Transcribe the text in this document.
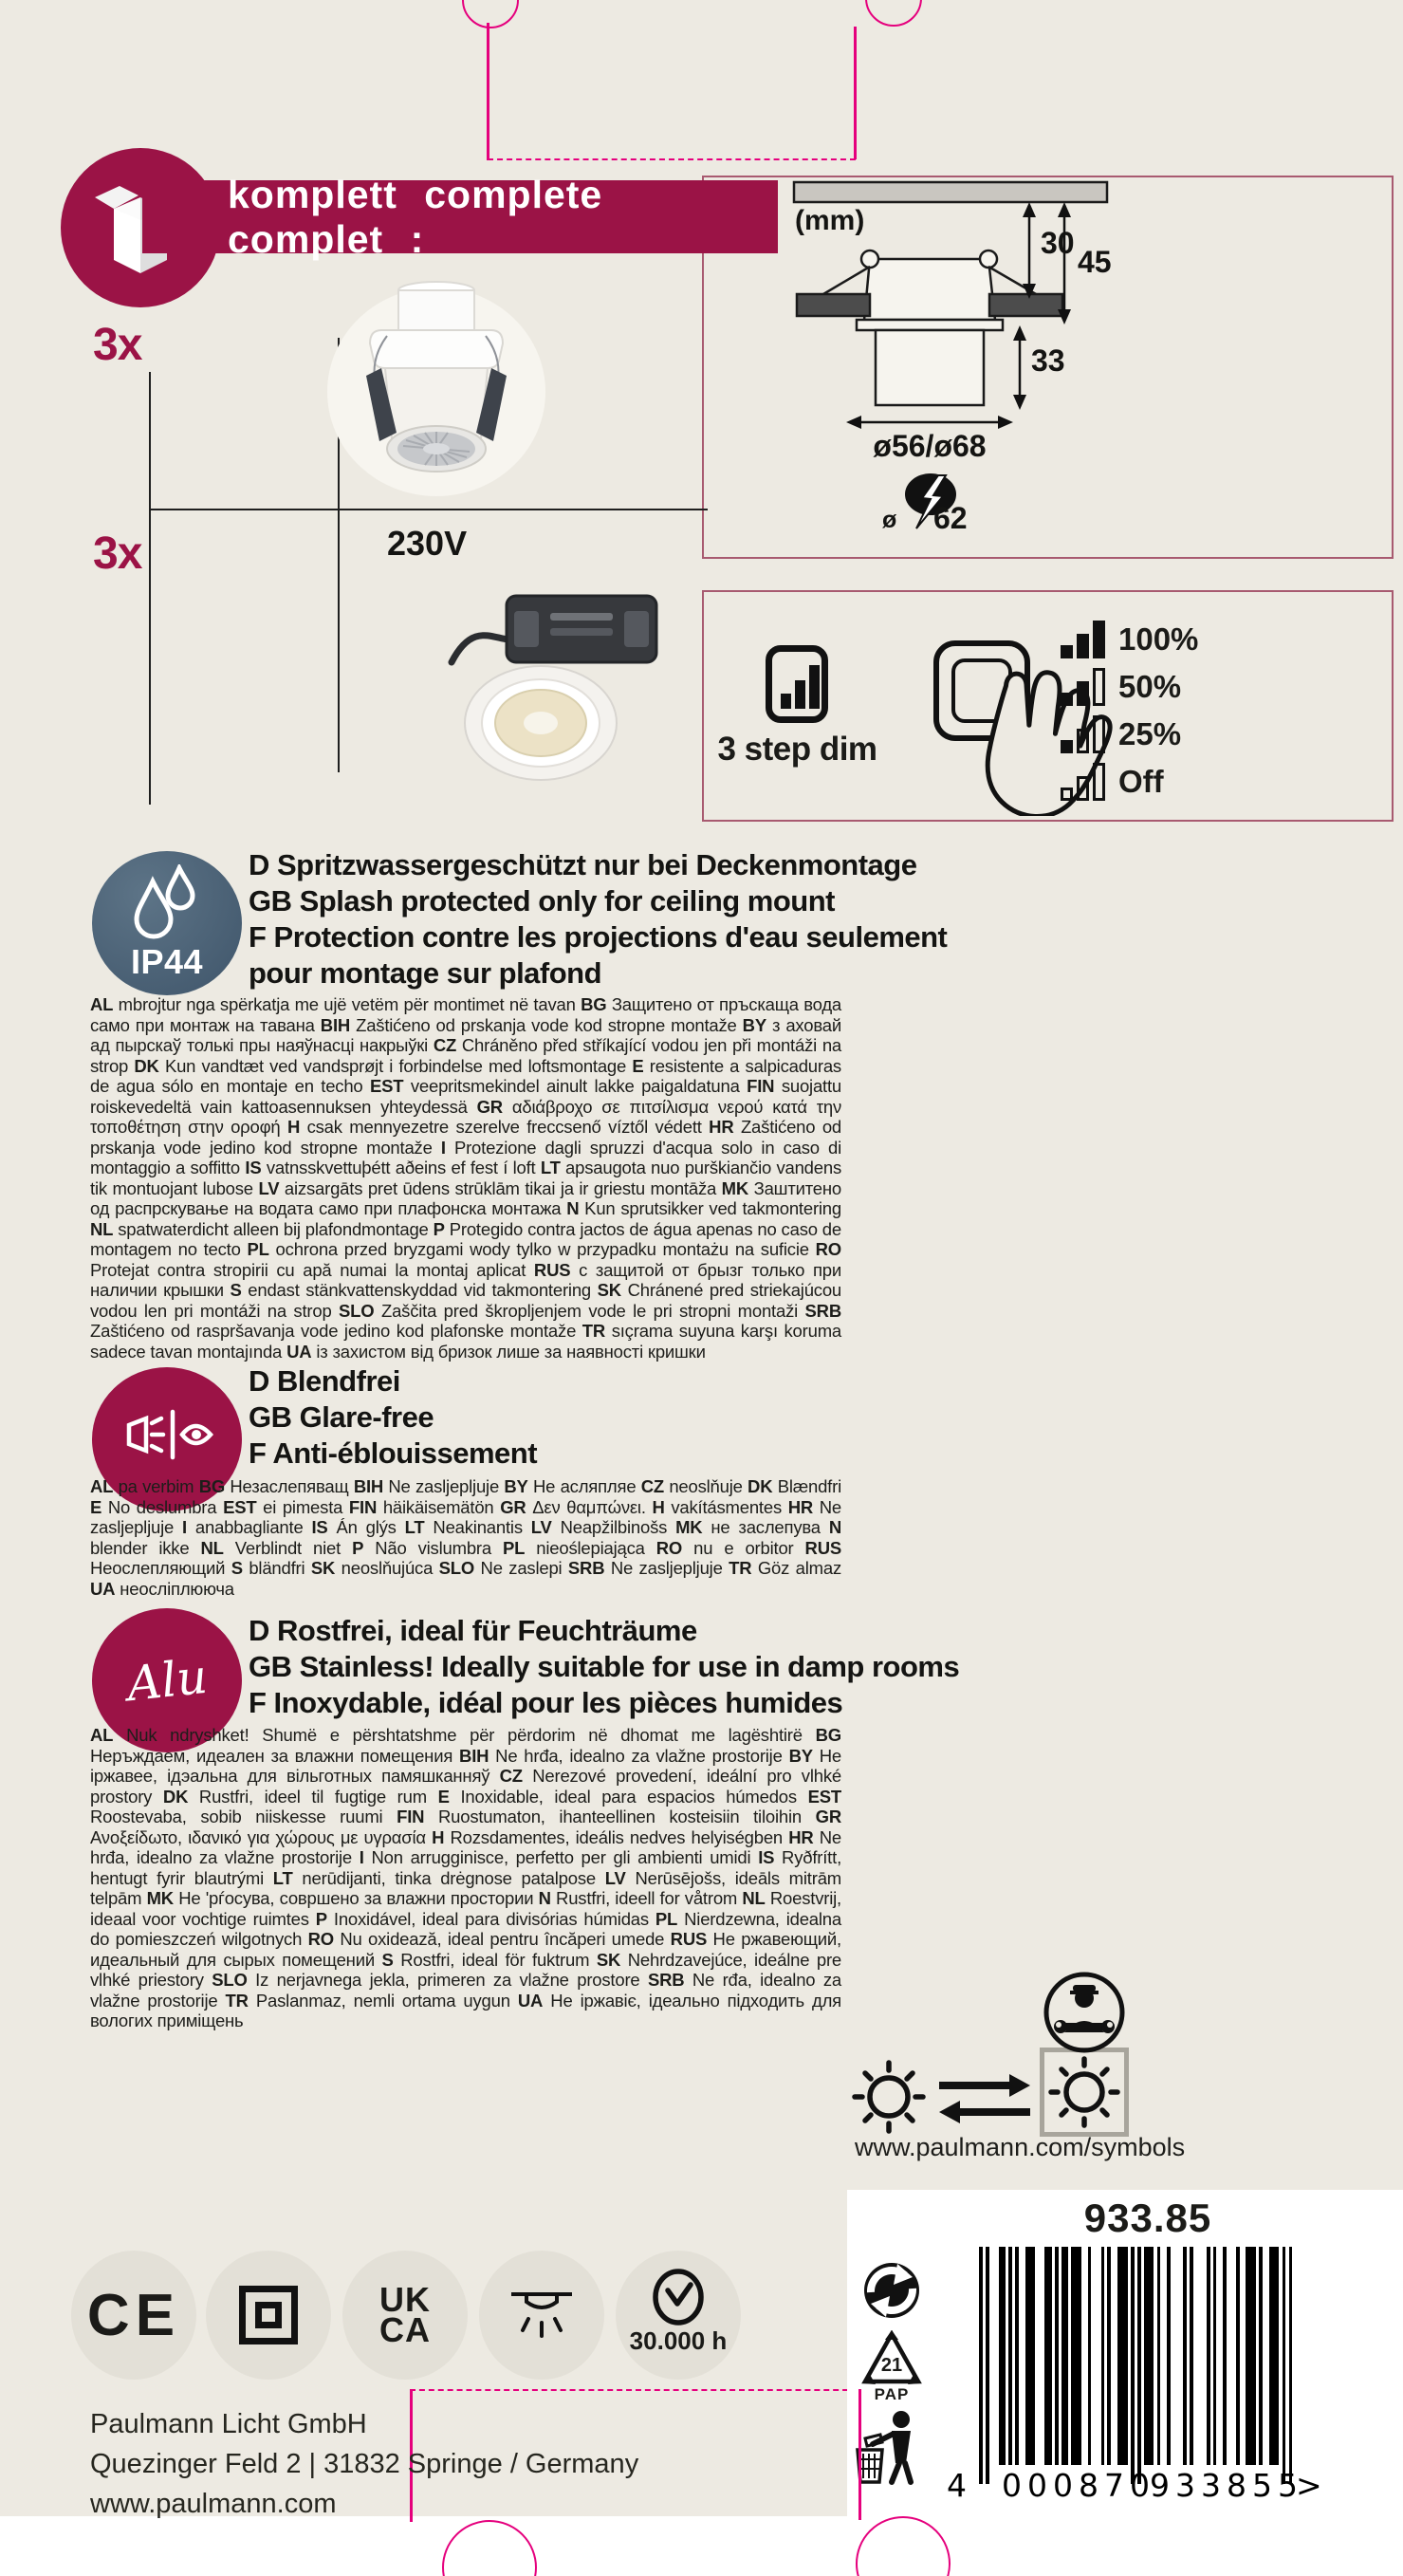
(mm)
30
45
33
ø56/ø68
ø 62
komplett complete complet :
3x
3x	230V
3 step dim
100%
50%
25%
Off
IP44
Alu
D Spritzwassergeschützt nur bei Deckenmontage
GB Splash protected only for ceiling mount
F Protection contre les projections d'eau seulement pour montage sur plafond
AL mbrojtur nga spërkatja me ujë vetëm për montimet në tavan BG Защитено от пръскаща вода само при монтаж на тавана BIH Zaštićeno od prskanja vode kod stropne montaže BY з аховай ад пырскаў толькі пры наяўнасці накрыўкі CZ Chráněno před stříkající vodou jen při montáži na strop DK Kun vandtæt ved vandsprøjt i forbindelse med loftsmontage E resistente a salpicaduras de agua sólo en montaje en techo EST veepritsmekindel ainult lakke paigaldatuna FIN suojattu roiskevedeltä vain kattoasennuksen yhteydessä GR αδιάβροχο σε πιτσίλισμα νερού κατά την τοποθέτηση στην οροφή H csak mennyezetre szerelve freccsenő víztől védett HR Zaštićeno od prskanja vode jedino kod stropne montaže I Protezione dagli spruzzi d'acqua solo in caso di montaggio a soffitto IS vatnsskvettuþétt aðeins ef fest í loft LT apsaugota nuo purškiančio vandens tik montuojant lubose LV aizsargāts pret ūdens strūklām tikai ja ir griestu montāža MK Заштитено од распрскување на водата само при плафонска монтажа N Kun sprutsikker ved takmontering NL spatwaterdicht alleen bij plafondmontage P Protegido contra jactos de água apenas no caso de montagem no tecto PL ochrona przed bryzgami wody tylko w przypadku montażu na suficie RO Protejat contra stropirii cu apă numai la montaj aplicat RUS с защитой от брызг только при наличии крышки S endast stänkvattenskyddad vid takmontering SK Chránené pred striekajúcou vodou len pri montáži na strop SLO Zaščita pred škropljenjem vode le pri stropni montaži SRB Zaštićeno od raspršavanja vode jedino kod plafonske montaže TR sıçrama suyuna karşı koruma sadece tavan montajında UA із захистом від бризок лише за наявності кришки
D Blendfrei
GB Glare-free
F Anti-éblouissement
AL pa verbim BG Незаслепяващ BIH Ne zasljepljuje BY Не асляпляе CZ neoslňuje DK Blændfri E No deslumbra EST ei pimesta FIN häikäisemätön GR Δεν θαμπώνει. H vakításmentes HR Ne zasljepljuje I anabbagliante IS Án glýs LT Neakinantis LV Neapžilbinošs MK не заслепува N blender ikke NL Verblindt niet P Não vislumbra PL nieoślepiająca RO nu e orbitor RUS Неослепляющий S bländfri SK neoslňujúca SLO Ne zaslepi SRB Ne zasljepljuje TR Göz almaz UA неосліплююча
D Rostfrei, ideal für Feuchträume
GB Stainless! Ideally suitable for use in damp rooms
F Inoxydable, idéal pour les pièces humides
AL Nuk ndryshket! Shumë e përshtatshme për përdorim në dhomat me lagështirë BG Неръждаем, идеален за влажни помещения BIH Ne hrđa, idealno za vlažne prostorije BY Не іржавее, ідэальна для вільготных памяшканняў CZ Nerezové provedení, ideální pro vlhké prostory DK Rustfri, ideel til fugtige rum E Inoxidable, ideal para espacios húmedos EST Roostevaba, sobib niiskesse ruumi FIN Ruostumaton, ihanteellinen kosteisiin tiloihin GR Ανοξείδωτο, ιδανικό για χώρους με υγρασία H Rozsdamentes, ideális nedves helyiségben HR Ne hrđa, idealno za vlažne prostorije I Non arrugginisce, perfetto per gli ambienti umidi IS Ryðfrítt, hentugt fyrir blautrými LT nerūdijanti, tinka drėgnose patalpose LV Nerūsējošs, ideāls mitrām telpām MK Не 'рѓосува, совршено за влажни простории N Rustfri, ideell for våtrom NL Roestvrij, ideaal voor vochtige ruimtes P Inoxidável, ideal para divisórias húmidas PL Nierdzewna, idealna do pomieszczeń wilgotnych RO Nu oxidează, ideal pentru încăperi umede RUS Не ржавеющий, идеальный для сырых помещений S Rostfri, ideal för fuktrum SK Nehrdzavejúce, ideálne pre vlhké priestory SLO Iz nerjavnega jekla, primeren za vlažne prostore SRB Ne rđa, idealno za vlažne prostorije TR Paslanmaz, nemli ortama uygun UA Не іржавіє, ідеально підходить для вологих приміщень
www.paulmann.com/symbols
CE	UK
CA	30.000 h
Paulmann Licht GmbH
Quezinger Feld 2 | 31832 Springe / Germany
www.paulmann.com
933.85
21
PAP
4 000870
933855
>
